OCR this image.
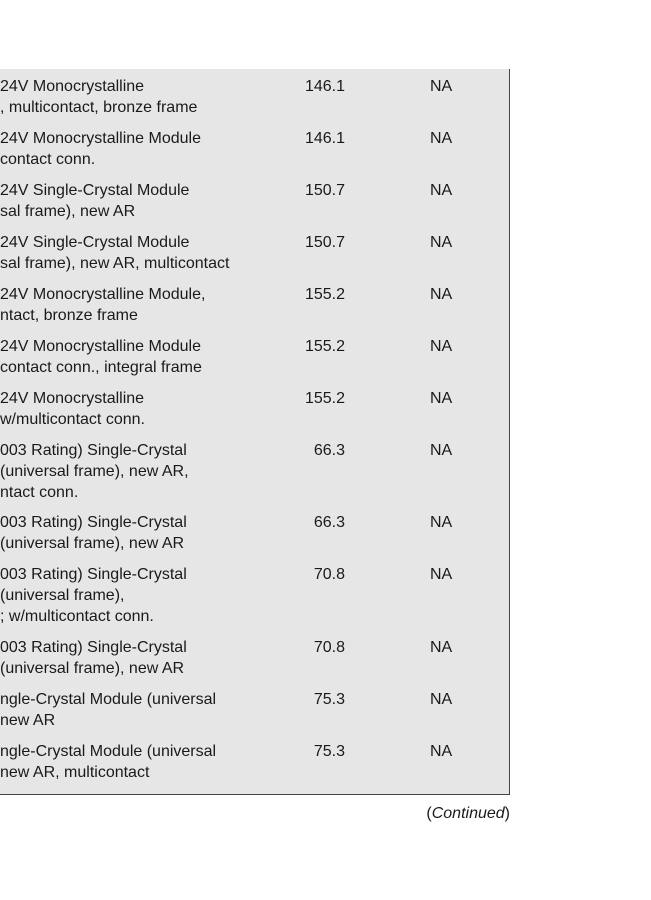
24V Monocrystalline
, multicontact, bronze frame
146.1	NA
24V Monocrystalline Module
contact conn.
146.1	NA
24V Single-Crystal Module
sal frame), new AR
150.7	NA
24V Single-Crystal Module
sal frame), new AR, multicontact
150.7	NA
24V Monocrystalline Module,
ntact, bronze frame
155.2	NA
24V Monocrystalline Module
contact conn., integral frame
155.2	NA
24V Monocrystalline
w/multicontact conn.
155.2	NA
003 Rating) Single-Crystal
(universal frame), new AR,
ntact conn.
66.3	NA
003 Rating) Single-Crystal
(universal frame), new AR
66.3	NA
003 Rating) Single-Crystal
(universal frame),
; w/multicontact conn.
70.8	NA
003 Rating) Single-Crystal
(universal frame), new AR
70.8	NA
ngle-Crystal Module (universal
new AR
75.3	NA
ngle-Crystal Module (universal
new AR, multicontact
75.3	NA
(Continued)
